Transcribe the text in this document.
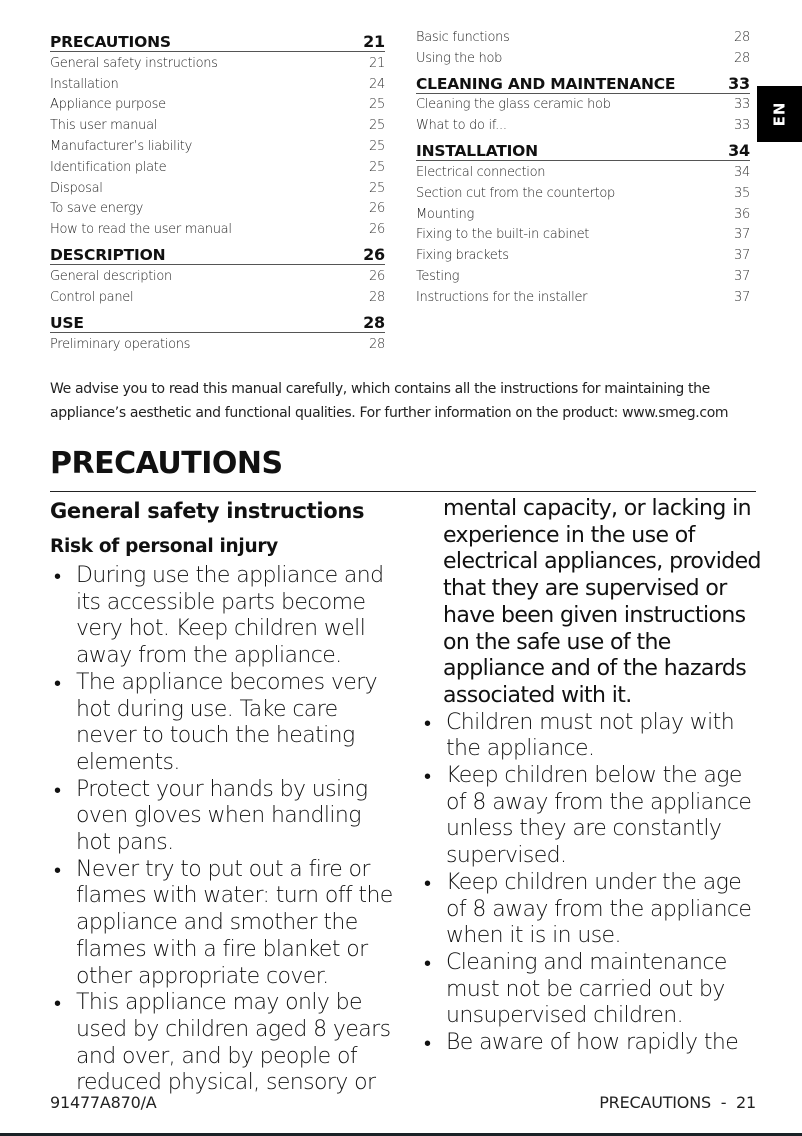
PRECAUTIONS	21
General safety instructions	21
Installation	24
Appliance purpose	25
This user manual	25
Manufacturer’s liability	25
Identification plate	25
Disposal	25
To save energy	26
How to read the user manual	26
DESCRIPTION	26
General description	26
Control panel	28
USE	28
Preliminary operations	28
Basic functions	28
Using the hob	28
CLEANING AND MAINTENANCE	33
Cleaning the glass ceramic hob	33
What to do if...	33
INSTALLATION	34
Electrical connection	34
Section cut from the countertop	35
Mounting	36
Fixing to the built-in cabinet	37
Fixing brackets	37
Testing	37
Instructions for the installer	37
EN
We advise you to read this manual carefully, which contains all the instructions for maintaining the appliance’s aesthetic and functional qualities. For further information on the product: www.smeg.com
PRECAUTIONS
General safety instructions
Risk of personal injury
• During use the appliance and its accessible parts become very hot. Keep children well away from the appliance.
• The appliance becomes very hot during use. Take care never to touch the heating elements.
• Protect your hands by using oven gloves when handling hot pans.
• Never try to put out a fire or flames with water: turn off the appliance and smother the flames with a fire blanket or other appropriate cover.
• This appliance may only be used by children aged 8 years and over, and by people of reduced physical, sensory or
mental capacity, or lacking in experience in the use of electrical appliances, provided that they are supervised or have been given instructions on the safe use of the appliance and of the hazards associated with it.
• Children must not play with the appliance.
• Keep children below the age of 8 away from the appliance unless they are constantly supervised.
• Keep children under the age of 8 away from the appliance when it is in use.
• Cleaning and maintenance must not be carried out by unsupervised children.
• Be aware of how rapidly the
91477A870/A	PRECAUTIONS  -  21
